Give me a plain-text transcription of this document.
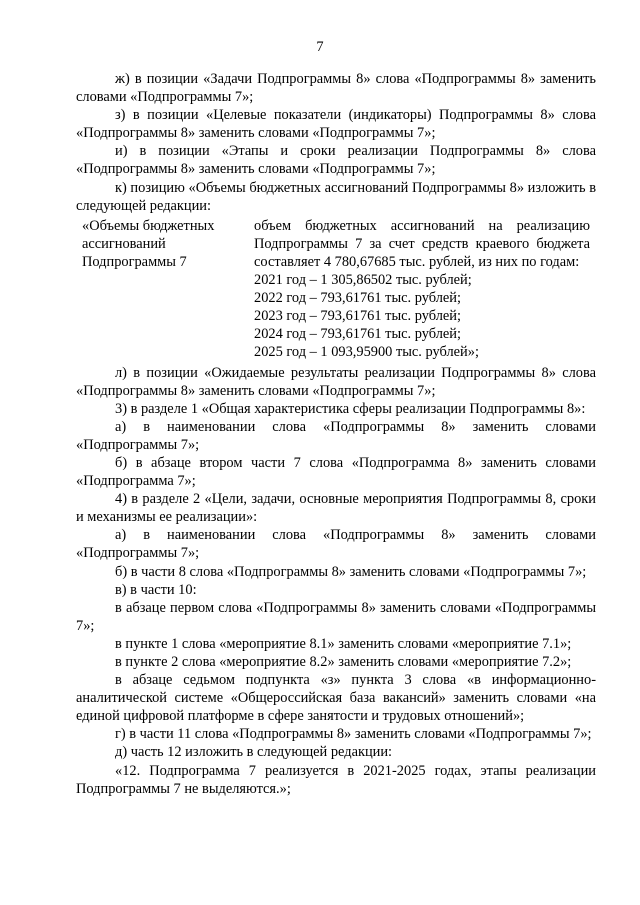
7

ж) в позиции «Задачи Подпрограммы 8» слова «Подпрограммы 8» заменить словами «Подпрограммы 7»;

з) в позиции «Целевые показатели (индикаторы) Подпрограммы 8» слова «Подпрограммы 8» заменить словами «Подпрограммы 7»;

и) в позиции «Этапы и сроки реализации Подпрограммы 8» слова «Подпрограммы 8» заменить словами «Подпрограммы 7»;

к) позицию «Объемы бюджетных ассигнований Подпрограммы 8» изложить в следующей редакции:

«Объемы бюджетных ассигнований Подпрограммы 7
объем бюджетных ассигнований на реализацию Подпрограммы 7 за счет средств краевого бюджета составляет 4 780,67685 тыс. рублей, из них по годам:
2021 год – 1 305,86502 тыс. рублей;
2022 год – 793,61761 тыс. рублей;
2023 год – 793,61761 тыс. рублей;
2024 год – 793,61761 тыс. рублей;
2025 год – 1 093,95900 тыс. рублей»;

л) в позиции «Ожидаемые результаты реализации Подпрограммы 8» слова «Подпрограммы 8» заменить словами «Подпрограммы 7»;

3) в разделе 1 «Общая характеристика сферы реализации Подпрограммы 8»:

а) в наименовании слова «Подпрограммы 8» заменить словами «Подпрограммы 7»;

б) в абзаце втором части 7 слова «Подпрограмма 8» заменить словами «Подпрограмма 7»;

4) в разделе 2 «Цели, задачи, основные мероприятия Подпрограммы 8, сроки и механизмы ее реализации»:

а) в наименовании слова «Подпрограммы 8» заменить словами «Подпрограммы 7»;

б) в части 8 слова «Подпрограммы 8» заменить словами «Подпрограммы 7»;

в) в части 10:

в абзаце первом слова «Подпрограммы 8» заменить словами «Подпрограммы 7»;

в пункте 1 слова «мероприятие 8.1» заменить словами «мероприятие 7.1»;

в пункте 2 слова «мероприятие 8.2» заменить словами «мероприятие 7.2»;

в абзаце седьмом подпункта «з» пункта 3 слова «в информационно-аналитической системе «Общероссийская база вакансий» заменить словами «на единой цифровой платформе в сфере занятости и трудовых отношений»;

г) в части 11 слова «Подпрограммы 8» заменить словами «Подпрограммы 7»;

д) часть 12 изложить в следующей редакции:

«12. Подпрограмма 7 реализуется в 2021-2025 годах, этапы реализации Подпрограммы 7 не выделяются.»;
